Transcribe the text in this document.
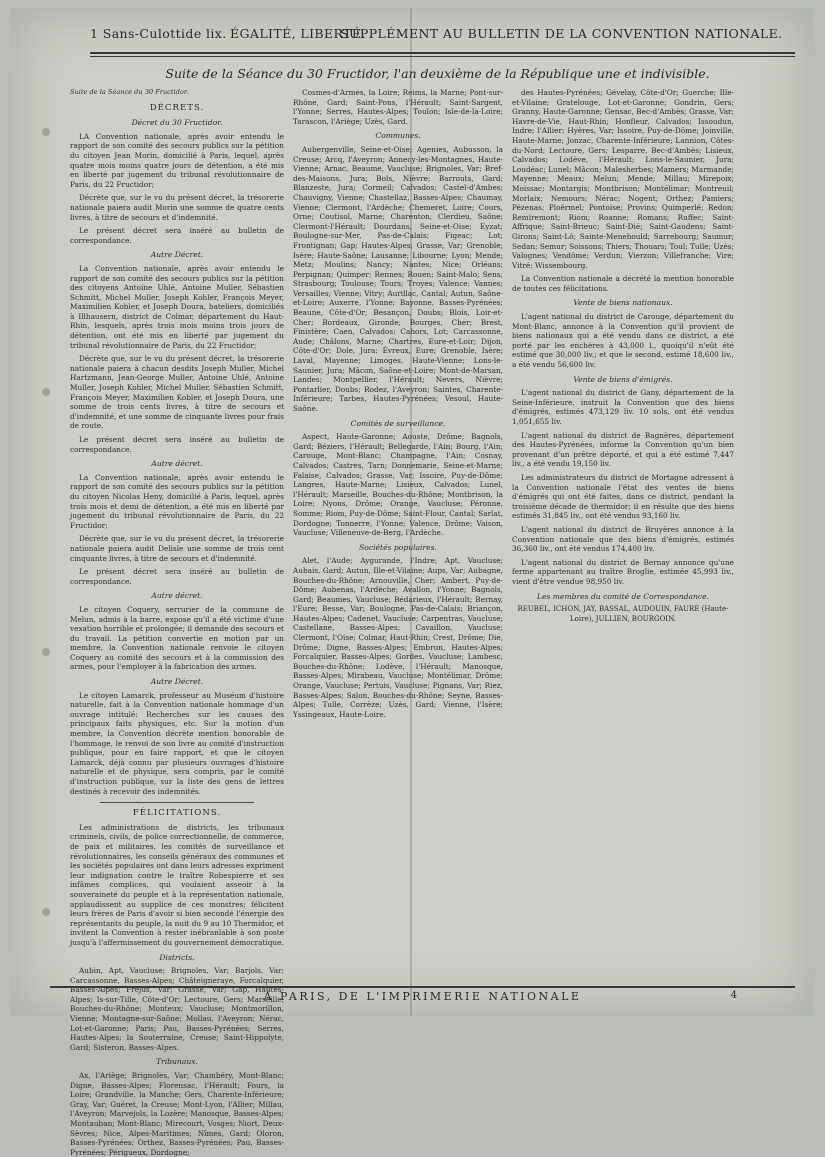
1 Sans-Culottide lix. ÉGALITÉ, LIBERTÉ.
SUPPLÉMENT AU BULLETIN DE LA CONVENTION NATIONALE.
Suite de la Séance du 30 Fructidor, l'an deuxième de la République une et indivisible.

Suite de la Séance du 30 Fructidor.

DÉCRETS.
Décret du 30 Fructidor.

LA Convention nationale, après avoir entendu le rapport de son comité des secours publics sur la pétition du citoyen Jean Morin, domicilié à Paris, lequel, après quatre mois moins quatre jours de détention, a été mis en liberté par jugement du tribunal révolutionnaire de Paris, du 22 Fructidor;

Décrète que, sur le vu du présent décret, la trésorerie nationale paiera audit Morin une somme de quatre cents livres, à titre de secours et d'indemnité.

Le présent décret sera inséré au bulletin de correspondance.

Autre Décret.

La Convention nationale, après avoir entendu le rapport de son comité des secours publics sur la pétition des citoyens Antoine Uhlé, Antoine Muller, Sébastien Schmitt, Michel Muller, Joseph Kohler, François Meyer, Maximilien Kobler, et Joseph Doura, bateliers, domiciliés à Illhausern, district de Colmar, département du Haut-Rhin, lesquels, après trois mois moins trois jours de détention, ont été mis en liberté par jugement du tribunal révolutionnaire de Paris, du 22 Fructidor;

Décrète que, sur le vu du présent décret, la trésorerie nationale paiera à chacun desdits Joseph Muller, Michel Hartzmann, Jean-George Muller, Antoine Uhlé, Antoine Muller, Joseph Kohler, Michel Muller, Sébastien Schmitt, François Meyer, Maximilien Kobler, et Joseph Doura, une somme de trois cents livres, à titre de secours et d'indemnité, et une somme de cinquante livres pour frais de route.

Le présent décret sera inséré au bulletin de correspondance.

Autre décret.

La Convention nationale, après avoir entendu le rapport de son comité des secours publics sur la pétition du citoyen Nicolas Heny, domicilié à Paris, lequel, après trois mois et demi de détention, a été mis en liberté par jugement du tribunal révolutionnaire de Paris, du 22 Fructidor;

Décrète que, sur le vu du présent décret, la trésorerie nationale paiera audit Delisle une somme de trois cent cinquante livres, à titre de secours et d'indemnité.

Le présent décret sera inséré au bulletin de correspondance.

Autre décret.

Le citoyen Coquery, serrurier de la commune de Melun, admis à la barre, expose qu'il a été victime d'une vexation horrible et prolongée; il demande des secours et du travail. La pétition convertie en motion par un membre, la Convention nationale renvoie le citoyen Coquery au comité des secours et à la commission des armes, pour l'employer à la fabrication des armes.

Autre Décret.

Le citoyen Lamarck, professeur au Muséum d'histoire naturelle, fait à la Convention nationale hommage d'un ouvrage intitulé: Recherches sur les causes des principaux faits physiques, etc. Sur la motion d'un membre, la Convention décrète mention honorable de l'hommage, le renvoi de son livre au comité d'instruction publique, pour en faire rapport, et que le citoyen Lamarck, déjà connu par plusieurs ouvrages d'histoire naturelle et de physique, sera compris, par le comité d'instruction publique, sur la liste des gens de lettres destinés à recevoir des indemnités.

FÉLICITATIONS.

Les administrations de districts, les tribunaux criminels, civils, de police correctionnelle, de commerce, de paix et militaires, les comités de surveillance et révolutionnaires, les conseils généraux des communes et les sociétés populaires ont dans leurs adresses expriment leur indignation contre le traître Robespierre et ses infâmes complices, qui voulaient asseoir à la souveraineté du peuple et à la représentation nationale, applaudissent au supplice de ces monstres; félicitent leurs frères de Paris d'avoir si bien secondé l'énergie des représentants du peuple, la nuit du 9 au 10 Thermidor, et invitent la Convention à rester inébranlable à son poste jusqu'à l'affermissement du gouvernement démocratique.

Districts.

Aubin, Apt, Vaucluse; Brignoles, Var; Barjols, Var; Carcassonne, Basses-Alpes; Châteigneraye, Forcalquier, Basses-Alpes; Fréjus, Var; Grasse, Var; Gap, Hautes-Alpes; Is-sur-Tille, Côte-d'Or; Lectoure, Gers; Marseille, Bouches-du-Rhône; Monteux; Vaucluse; Montmorillon, Vienne; Montagne-sur-Saône; Mollau, l'Aveyron; Nérac, Lot-et-Garonne; Paris; Pau, Basses-Pyrénées; Serres, Hautes-Alpes; la Souterraine, Creuse; Saint-Hippolyte, Gard; Sisteron, Basses-Alpes.

Tribunaux.

Ax, l'Ariège; Brignoles, Var; Chambéry, Mont-Blanc; Digne, Basses-Alpes; Florensac, l'Hérault; Fours, la Loire; Grandville, la Manche; Gers, Charente-Inférieure; Gray, Var; Guéret, la Creuse; Mont-Lyon, l'Allier; Millau, l'Aveyron; Marvejols, la Lozère; Manosque, Basses-Alpes; Montauban; Mont-Blanc; Mirecourt, Vosges; Niort, Deux-Sèvres; Nice, Alpes-Maritimes; Nîmes, Gard; Oloron, Basses-Pyrénées; Orthez, Basses-Pyrénées; Pau, Basses-Pyrénées; Périgueux, Dordogne;

Cosmes-d'Armes, la Loire; Reims, la Marne; Pont-sur-Rhône, Gard; Saint-Pons, l'Hérault; Saint-Sargent, l'Yonne; Serres, Hautes-Alpes; Toulon; Isle-de-la-Loire; Tarascon, l'Ariège; Uzès, Gard.

Communes.

Aubergenville, Seine-et-Oise; Agenies, Aubusson, la Creuse; Arcq, l'Aveyron; Annecy-les-Montagnes, Haute-Vienne; Arnac, Beaume, Vaucluse; Brignoles, Var; Bref-des-Maisons, Jura; Bols, Nièvre; Barrouts, Gard; Blanzeste, Jura; Cormeil; Calvados; Castel-d'Ambes; Chauvigny, Vienne; Chastellaz, Basses-Alpes; Chaumay, Vienne; Clermont, l'Ardèche; Chemeret, Loire; Cours, Orne; Coutisol, Marne; Charenton; Clerdieu, Saône; Clermont-l'Hérault; Dourdans, Seine-et-Oise; Eyzat; Boulogne-sur-Mer, Pas-de-Calais; Figeac; Lot; Frontignan; Gap; Hautes-Alpes; Grasse, Var; Grenoble; Isère; Haute-Saône; Lausanne; Libourne; Lyon; Mende; Metz; Moulins; Nancy; Nantes; Nice; Orléans; Perpignan; Quimper; Rennes; Rouen; Saint-Malo; Sens; Strasbourg; Toulouse; Tours; Troyes; Valence; Vannes; Versailles; Vienne; Vitry; Aurillac, Cantal; Autun, Saône-et-Loire; Auxerre, l'Yonne; Bayonne, Basses-Pyrénées; Beaune, Côte-d'Or; Besançon, Doubs; Blois, Loir-et-Cher; Bordeaux, Gironde; Bourges, Cher; Brest, Finistère; Caen, Calvados; Cahors, Lot; Carcassonne, Aude; Châlons, Marne; Chartres, Eure-et-Loir; Dijon, Côte-d'Or; Dole, Jura; Évreux, Eure; Grenoble, Isère; Laval, Mayenne; Limoges, Haute-Vienne; Lons-le-Saunier, Jura; Mâcon, Saône-et-Loire; Mont-de-Marsan, Landes; Montpellier, l'Hérault; Nevers, Nièvre; Pontarlier, Doubs; Rodez, l'Aveyron; Saintes, Charente-Inférieure; Tarbes, Hautes-Pyrénées; Vesoul, Haute-Saône.

Comités de surveillance.

Aspect, Haute-Garonne; Aouste, Drôme; Bagnols, Gard; Béziers, l'Hérault; Bellegarde, l'Ain; Bourg, l'Ain; Carouge, Mont-Blanc; Champagne, l'Ain; Cosnay, Calvados; Castres, Tarn; Donnemarie, Seine-et-Marne; Falaise, Calvados; Grasse, Var; Issoire, Puy-de-Dôme; Langres, Haute-Marne; Lisieux, Calvados; Lunel, l'Hérault; Marseille, Bouches-du-Rhône; Montbrison, la Loire; Nyons, Drôme; Orange, Vaucluse; Péronne, Somme; Riom, Puy-de-Dôme; Saint-Flour, Cantal; Sarlat, Dordogne; Tonnerre, l'Yonne; Valence, Drôme; Vaison, Vaucluse; Villeneuve-de-Berg, l'Ardèche.

Sociétés populaires.

Alet, l'Aude; Aygurande, l'Indre; Apt, Vaucluse; Aubais, Gard; Autun, Ille-et-Vilaine; Aups, Var; Aubagne, Bouches-du-Rhône; Arnouville, Cher; Ambert, Puy-de-Dôme; Aubenas, l'Ardèche; Avallon, l'Yonne; Bagnols, Gard; Beaumes, Vaucluse; Bédarieux, l'Hérault; Bernay, l'Eure; Besse, Var; Boulogne, Pas-de-Calais; Briançon, Hautes-Alpes; Cadenet, Vaucluse; Carpentras, Vaucluse; Castellane, Basses-Alpes; Cavaillon, Vaucluse; Clermont, l'Oise; Colmar, Haut-Rhin; Crest, Drôme; Die, Drôme; Digne, Basses-Alpes; Embrun, Hautes-Alpes; Forcalquier, Basses-Alpes; Gordes, Vaucluse; Lambesc, Bouches-du-Rhône; Lodève, l'Hérault; Manosque, Basses-Alpes; Mirabeau, Vaucluse; Montélimar, Drôme; Orange, Vaucluse; Pertuis, Vaucluse; Pignans, Var; Riez, Basses-Alpes; Salon, Bouches-du-Rhône; Seyne, Basses-Alpes; Tulle, Corrèze; Uzès, Gard; Vienne, l'Isère; Yssingeaux, Haute-Loire.

des Hautes-Pyrénées; Gévelay, Côte-d'Or; Guerche; Ille-et-Vilaine; Gratelouge, Lot-et-Garonne; Gondrin, Gers; Granny, Haute-Garonne; Gensac, Bec-d'Ambès; Grasse, Var; Havre-de-Vie, Haut-Rhin; Honfleur, Calvados; Issoudun, Indre; l'Allier; Hyères, Var; Issoire, Puy-de-Dôme; Joinville, Haute-Marne; Jonzac, Charente-Inférieure; Lannion, Côtes-du-Nord; Lectoure, Gers; Lesparre, Bec-d'Ambès; Lisieux, Calvados; Lodève, l'Hérault; Lons-le-Saunier, Jura; Loudéac; Lunel; Mâcon; Malesherbes; Mamers; Marmande; Mayenne; Meaux; Melun; Mende; Millau; Mirepoix; Moissac; Montargis; Montbrison; Montélimar; Montreuil; Morlaix; Nemours; Nérac; Nogent; Orthez; Pamiers; Pézenas; Ploërmel; Pontoise; Provins; Quimperlé; Redon; Remiremont; Riom; Roanne; Romans; Ruffec; Saint-Affrique; Saint-Brieuc; Saint-Dié; Saint-Gaudens; Saint-Girons; Saint-Lô; Sainte-Menehould; Sarrebourg; Saumur; Sedan; Semur; Soissons; Thiers; Thouars; Toul; Tulle; Uzès; Valognes; Vendôme; Verdun; Vierzon; Villefranche; Vire; Vitré; Wissembourg.

La Convention nationale a décrété la mention honorable de toutes ces félicitations.

Vente de biens nationaux.

L'agent national du district de Carouge, département du Mont-Blanc, annonce à la Convention qu'il provient de biens nationaux qui a été vendu dans ce district, a été porté par les enchères à 43,000 l., quoiqu'il n'eût été estimé que 30,000 liv.; et que le second, estimé 18,600 liv., a été vendu 56,600 liv.

Vente de biens d'émigrés.

L'agent national du district de Gany, département de la Seine-Inférieure, instruit la Convention que des biens d'émigrés, estimés 473,129 liv. 10 sols, ont été vendus 1,051,655 liv.

L'agent national du district de Bagnères, département des Hautes-Pyrénées, informe la Convention qu'un bien provenant d'un prêtre déporté, et qui a été estimé 7,447 liv., a été vendu 19,150 liv.

Les administrateurs du district de Mortagne adressent à la Convention nationale l'état des ventes de biens d'émigrés qui ont été faites, dans ce district, pendant la troisième décade de thermidor; il en résulte que des biens estimés 31,845 liv., ont été vendus 93,160 liv.

L'agent national du district de Bruyères annonce à la Convention nationale que des biens d'émigrés, estimés 36,360 liv., ont été vendus 174,400 liv.

L'agent national du district de Bernay annonce qu'une ferme appartenant au traître Broglie, estimée 45,993 liv., vient d'être vendue 98,950 liv.

Les membres du comité de Correspondance.

REUBEL, ICHON, JAY, BASSAL, AUDOUIN, FAURE (Haute-Loire), JULLIEN, BOURGOIN.

À PARIS, DE L'IMPRIMERIE NATIONALE	4
